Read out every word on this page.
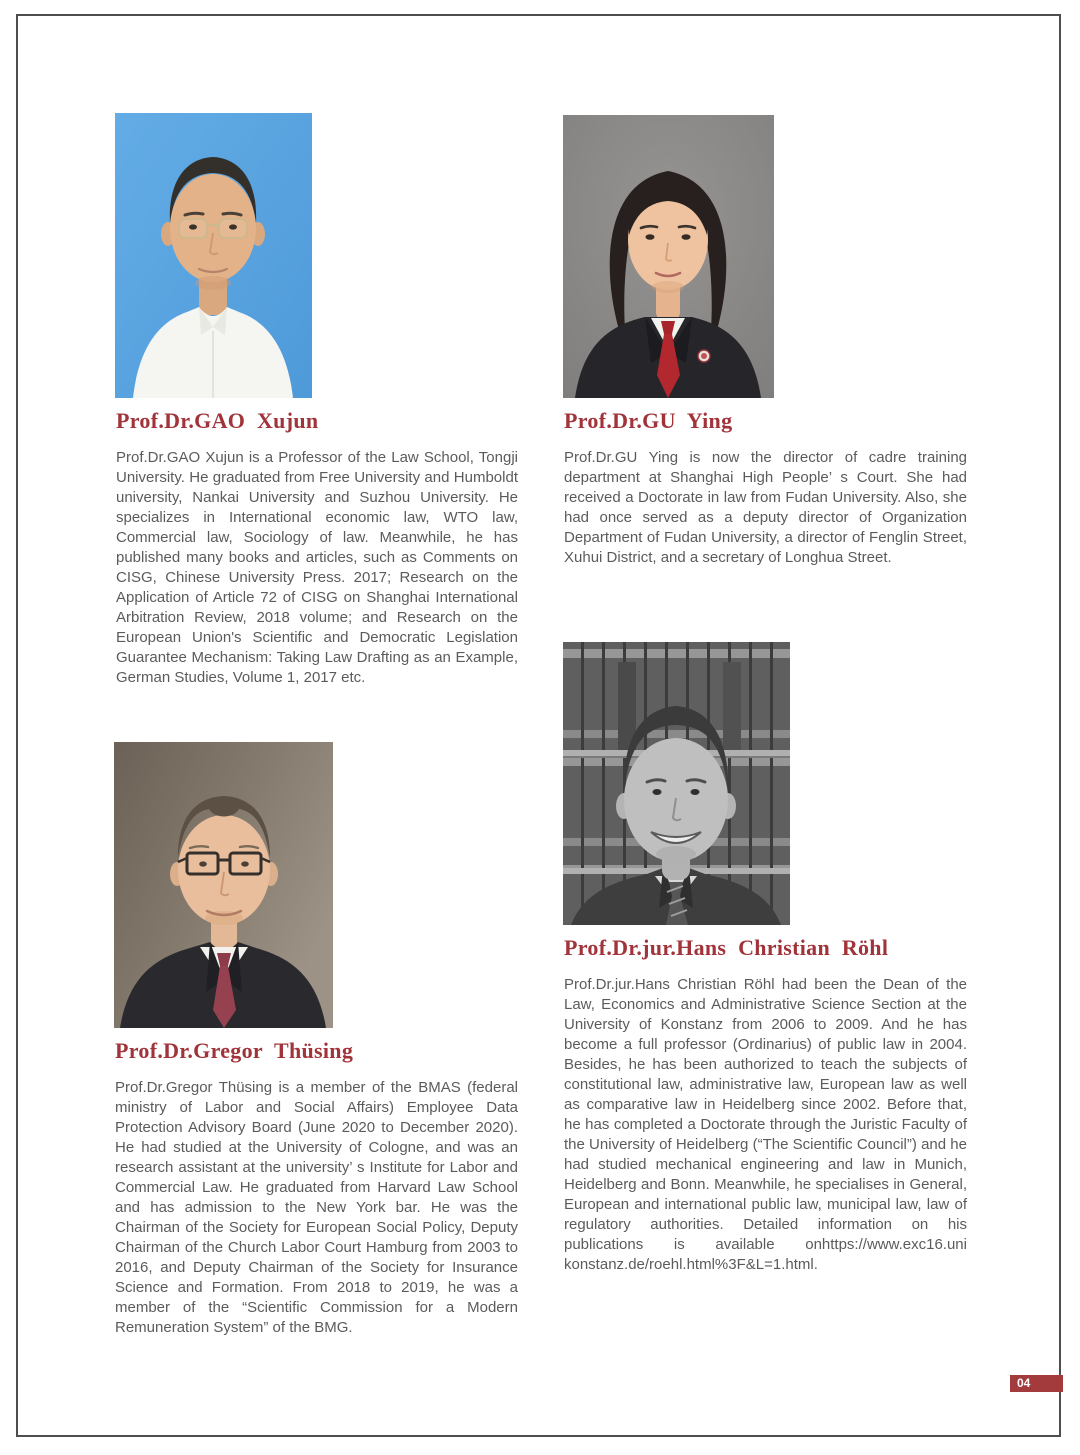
Prof.Dr.GAO Xujun

Prof.Dr.GAO Xujun is a Professor of the Law School, Tongji University. He graduated from Free University and Humboldt university, Nankai University and Suzhou University. He specializes in International economic law, WTO law, Commercial law, Sociology of law. Meanwhile, he has published many books and articles, such as Comments on CISG, Chinese University Press. 2017; Research on the Application of Article 72 of CISG on Shanghai International Arbitration Review, 2018 volume; and Research on the European Union's Scientific and Democratic Legislation Guarantee Mechanism: Taking Law Drafting as an Example, German Studies, Volume 1, 2017 etc.

Prof.Dr.GU Ying

Prof.Dr.GU Ying is now the director of cadre training department at Shanghai High People’ s Court. She had received a Doctorate in law from Fudan University. Also, she had once served as a deputy director of Organization Department of Fudan University, a director of Fenglin Street, Xuhui District, and a secretary of Longhua Street.

Prof.Dr.Gregor Thüsing

Prof.Dr.Gregor Thüsing is a member of the BMAS (federal ministry of Labor and Social Affairs) Employee Data Protection Advisory Board (June 2020 to December 2020). He had studied at the University of Cologne, and was an research assistant at the university’ s Institute for Labor and Commercial Law. He graduated from Harvard Law School and has admission to the New York bar. He was the Chairman of the Society for European Social Policy, Deputy Chairman of the Church Labor Court Hamburg from 2003 to 2016, and Deputy Chairman of the Society for Insurance Science and Formation. From 2018 to 2019, he was a member of the “Scientific Commission for a Modern Remuneration System” of the BMG.

Prof.Dr.jur.Hans Christian Röhl

Prof.Dr.jur.Hans Christian Röhl had been the Dean of the Law, Economics and Administrative Science Section at the University of Konstanz from 2006 to 2009. And he has become a full professor (Ordinarius) of public law in 2004. Besides, he has been authorized to teach the subjects of constitutional law, administrative law, European law as well as comparative law in Heidelberg since 2002. Before that, he has completed a Doctorate through the Juristic Faculty of the University of Heidelberg (“The Scientific Council”) and he had studied mechanical engineering and law in Munich, Heidelberg and Bonn. Meanwhile, he specialises in General, European and international public law, municipal law, law of regulatory authorities. Detailed information on his publications is available onhttps://www.exc16.uni konstanz.de/roehl.html%3F&L=1.html.

04
